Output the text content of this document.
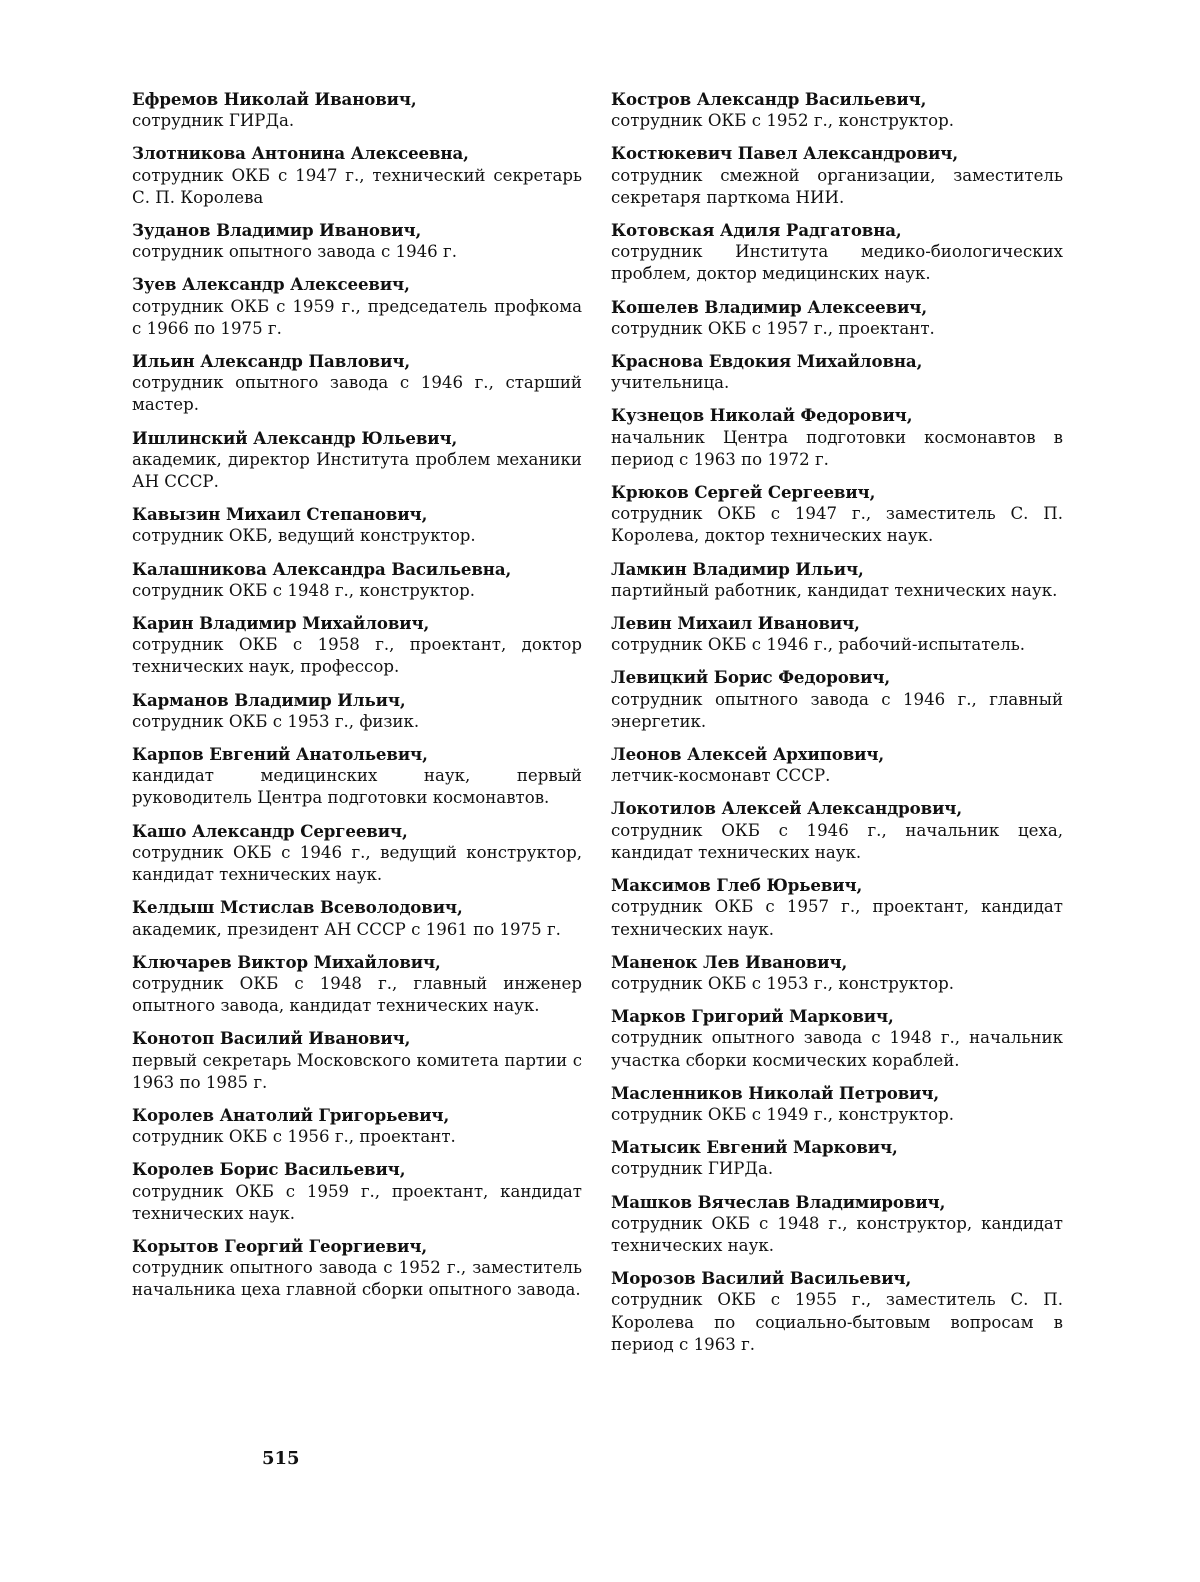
Ефремов Николай Иванович,
сотрудник ГИРДа.
Злотникова Антонина Алексеевна,
сотрудник ОКБ с 1947 г., технический секретарь С. П. Королева
Зуданов Владимир Иванович,
сотрудник опытного завода с 1946 г.
Зуев Александр Алексеевич,
сотрудник ОКБ с 1959 г., председатель профкома с 1966 по 1975 г.
Ильин Александр Павлович,
сотрудник опытного завода с 1946 г., старший мастер.
Ишлинский Александр Юльевич,
академик, директор Института проблем механики АН СССР.
Кавызин Михаил Степанович,
сотрудник ОКБ, ведущий конструктор.
Калашникова Александра Васильевна,
сотрудник ОКБ с 1948 г., конструктор.
Карин Владимир Михайлович,
сотрудник ОКБ с 1958 г., проектант, доктор технических наук, профессор.
Карманов Владимир Ильич,
сотрудник ОКБ с 1953 г., физик.
Карпов Евгений Анатольевич,
кандидат медицинских наук, первый руководитель Центра подготовки космонавтов.
Кашо Александр Сергеевич,
сотрудник ОКБ с 1946 г., ведущий конструктор, кандидат технических наук.
Келдыш Мстислав Всеволодович,
академик, президент АН СССР с 1961 по 1975 г.
Ключарев Виктор Михайлович,
сотрудник ОКБ с 1948 г., главный инженер опытного завода, кандидат технических наук.
Конотоп Василий Иванович,
первый секретарь Московского комитета партии с 1963 по 1985 г.
Королев Анатолий Григорьевич,
сотрудник ОКБ с 1956 г., проектант.
Королев Борис Васильевич,
сотрудник ОКБ с 1959 г., проектант, кандидат технических наук.
Корытов Георгий Георгиевич,
сотрудник опытного завода с 1952 г., заместитель начальника цеха главной сборки опытного завода.
Костров Александр Васильевич,
сотрудник ОКБ с 1952 г., конструктор.
Костюкевич Павел Александрович,
сотрудник смежной организации, заместитель секретаря парткома НИИ.
Котовская Адиля Радгатовна,
сотрудник Института медико-биологических проблем, доктор медицинских наук.
Кошелев Владимир Алексеевич,
сотрудник ОКБ с 1957 г., проектант.
Краснова Евдокия Михайловна,
учительница.
Кузнецов Николай Федорович,
начальник Центра подготовки космонавтов в период с 1963 по 1972 г.
Крюков Сергей Сергеевич,
сотрудник ОКБ с 1947 г., заместитель С. П. Королева, доктор технических наук.
Ламкин Владимир Ильич,
партийный работник, кандидат технических наук.
Левин Михаил Иванович,
сотрудник ОКБ с 1946 г., рабочий-испытатель.
Левицкий Борис Федорович,
сотрудник опытного завода с 1946 г., главный энергетик.
Леонов Алексей Архипович,
летчик-космонавт СССР.
Локотилов Алексей Александрович,
сотрудник ОКБ с 1946 г., начальник цеха, кандидат технических наук.
Максимов Глеб Юрьевич,
сотрудник ОКБ с 1957 г., проектант, кандидат технических наук.
Маненок Лев Иванович,
сотрудник ОКБ с 1953 г., конструктор.
Марков Григорий Маркович,
сотрудник опытного завода с 1948 г., начальник участка сборки космических кораблей.
Масленников Николай Петрович,
сотрудник ОКБ с 1949 г., конструктор.
Матысик Евгений Маркович,
сотрудник ГИРДа.
Машков Вячеслав Владимирович,
сотрудник ОКБ с 1948 г., конструктор, кандидат технических наук.
Морозов Василий Васильевич,
сотрудник ОКБ с 1955 г., заместитель С. П. Королева по социально-бытовым вопросам в период с 1963 г.
515
